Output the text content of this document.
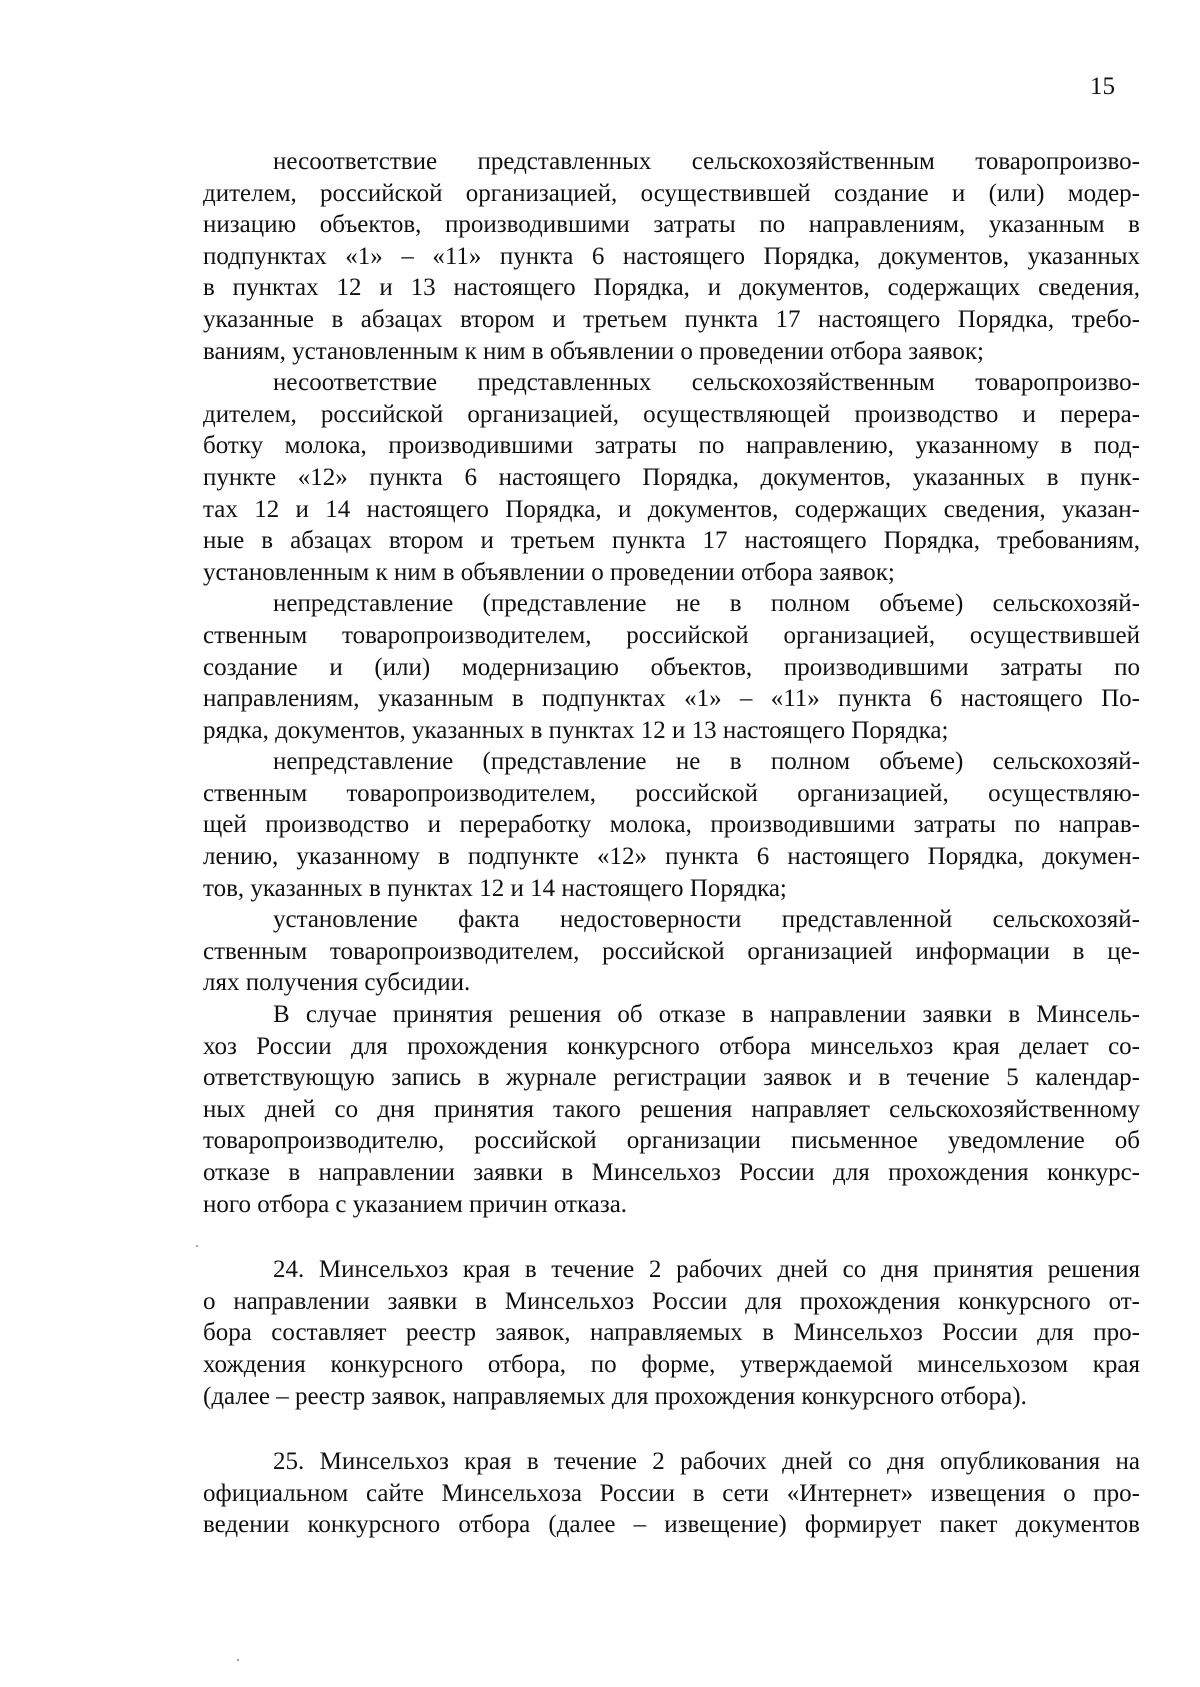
15
несоответствие представленных сельскохозяйственным товаропроизво-
дителем, российской организацией, осуществившей создание и (или) модер-
низацию объектов, производившими затраты по направлениям, указанным в
подпунктах «1» – «11» пункта 6 настоящего Порядка, документов, указанных
в пунктах 12 и 13 настоящего Порядка, и документов, содержащих сведения,
указанные в абзацах втором и третьем пункта 17 настоящего Порядка, требо-
ваниям, установленным к ним в объявлении о проведении отбора заявок;
несоответствие представленных сельскохозяйственным товаропроизво-
дителем, российской организацией, осуществляющей производство и перера-
ботку молока, производившими затраты по направлению, указанному в под-
пункте «12» пункта 6 настоящего Порядка, документов, указанных в пунк-
тах 12 и 14 настоящего Порядка, и документов, содержащих сведения, указан-
ные в абзацах втором и третьем пункта 17 настоящего Порядка, требованиям,
установленным к ним в объявлении о проведении отбора заявок;
непредставление (представление не в полном объеме) сельскохозяй-
ственным товаропроизводителем, российской организацией, осуществившей
создание и (или) модернизацию объектов, производившими затраты по
направлениям, указанным в подпунктах «1» – «11» пункта 6 настоящего По-
рядка, документов, указанных в пунктах 12 и 13 настоящего Порядка;
непредставление (представление не в полном объеме) сельскохозяй-
ственным товаропроизводителем, российской организацией, осуществляю-
щей производство и переработку молока, производившими затраты по направ-
лению, указанному в подпункте «12» пункта 6 настоящего Порядка, докумен-
тов, указанных в пунктах 12 и 14 настоящего Порядка;
установление факта недостоверности представленной сельскохозяй-
ственным товаропроизводителем, российской организацией информации в це-
лях получения субсидии.
В случае принятия решения об отказе в направлении заявки в Минсель-
хоз России для прохождения конкурсного отбора минсельхоз края делает со-
ответствующую запись в журнале регистрации заявок и в течение 5 календар-
ных дней со дня принятия такого решения направляет сельскохозяйственному
товаропроизводителю, российской организации письменное уведомление об
отказе в направлении заявки в Минсельхоз России для прохождения конкурс-
ного отбора с указанием причин отказа.
24. Минсельхоз края в течение 2 рабочих дней со дня принятия решения
о направлении заявки в Минсельхоз России для прохождения конкурсного от-
бора составляет реестр заявок, направляемых в Минсельхоз России для про-
хождения конкурсного отбора, по форме, утверждаемой минсельхозом края
(далее – реестр заявок, направляемых для прохождения конкурсного отбора).
25. Минсельхоз края в течение 2 рабочих дней со дня опубликования на
официальном сайте Минсельхоза России в сети «Интернет» извещения о про-
ведении конкурсного отбора (далее – извещение) формирует пакет документов
